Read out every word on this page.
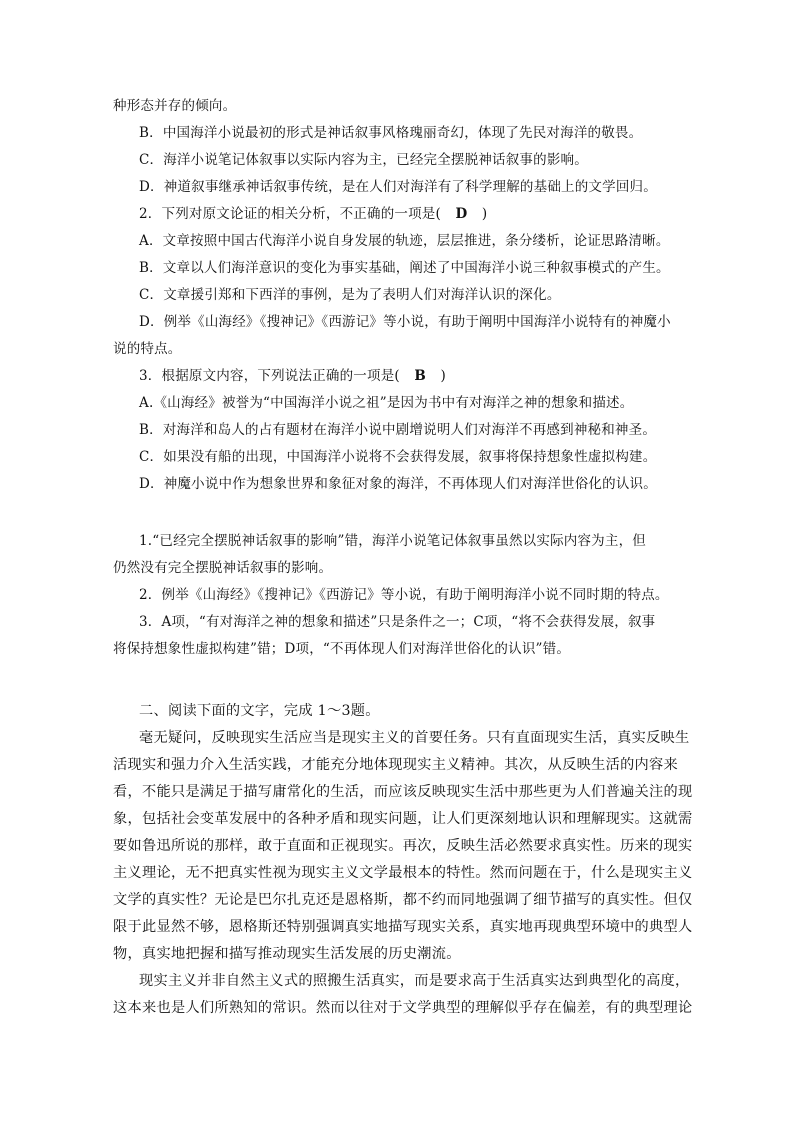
种形态并存的倾向。
B．中国海洋小说最初的形式是神话叙事风格瑰丽奇幻，体现了先民对海洋的敬畏。
C．海洋小说笔记体叙事以实际内容为主，已经完全摆脱神话叙事的影响。
D．神道叙事继承神话叙事传统，是在人们对海洋有了科学理解的基础上的文学回归。
2．下列对原文论证的相关分析，不正确的一项是( D )
A．文章按照中国古代海洋小说自身发展的轨迹，层层推进，条分缕析，论证思路清晰。
B．文章以人们海洋意识的变化为事实基础，阐述了中国海洋小说三种叙事模式的产生。
C．文章援引郑和下西洋的事例，是为了表明人们对海洋认识的深化。
D．例举《山海经》《搜神记》《西游记》等小说，有助于阐明中国海洋小说特有的神魔小
说的特点。
3．根据原文内容，下列说法正确的一项是( B )
A.《山海经》被誉为“中国海洋小说之祖”是因为书中有对海洋之神的想象和描述。
B．对海洋和岛人的占有题材在海洋小说中剧增说明人们对海洋不再感到神秘和神圣。
C．如果没有船的出现，中国海洋小说将不会获得发展，叙事将保持想象性虚拟构建。
D．神魔小说中作为想象世界和象征对象的海洋，不再体现人们对海洋世俗化的认识。
1.“已经完全摆脱神话叙事的影响”错，海洋小说笔记体叙事虽然以实际内容为主，但
仍然没有完全摆脱神话叙事的影响。
2．例举《山海经》《搜神记》《西游记》等小说，有助于阐明海洋小说不同时期的特点。
3．A项，“有对海洋之神的想象和描述”只是条件之一；C项，“将不会获得发展，叙事
将保持想象性虚拟构建”错；D项，“不再体现人们对海洋世俗化的认识”错。
二、阅读下面的文字，完成 1～3题。
毫无疑问，反映现实生活应当是现实主义的首要任务。只有直面现实生活，真实反映生
活现实和强力介入生活实践，才能充分地体现现实主义精神。其次，从反映生活的内容来
看，不能只是满足于描写庸常化的生活，而应该反映现实生活中那些更为人们普遍关注的现
象，包括社会变革发展中的各种矛盾和现实问题，让人们更深刻地认识和理解现实。这就需
要如鲁迅所说的那样，敢于直面和正视现实。再次，反映生活必然要求真实性。历来的现实
主义理论，无不把真实性视为现实主义文学最根本的特性。然而问题在于，什么是现实主义
文学的真实性？无论是巴尔扎克还是恩格斯，都不约而同地强调了细节描写的真实性。但仅
限于此显然不够，恩格斯还特别强调真实地描写现实关系，真实地再现典型环境中的典型人
物，真实地把握和描写推动现实生活发展的历史潮流。
现实主义并非自然主义式的照搬生活真实，而是要求高于生活真实达到典型化的高度，
这本来也是人们所熟知的常识。然而以往对于文学典型的理解似乎存在偏差，有的典型理论
